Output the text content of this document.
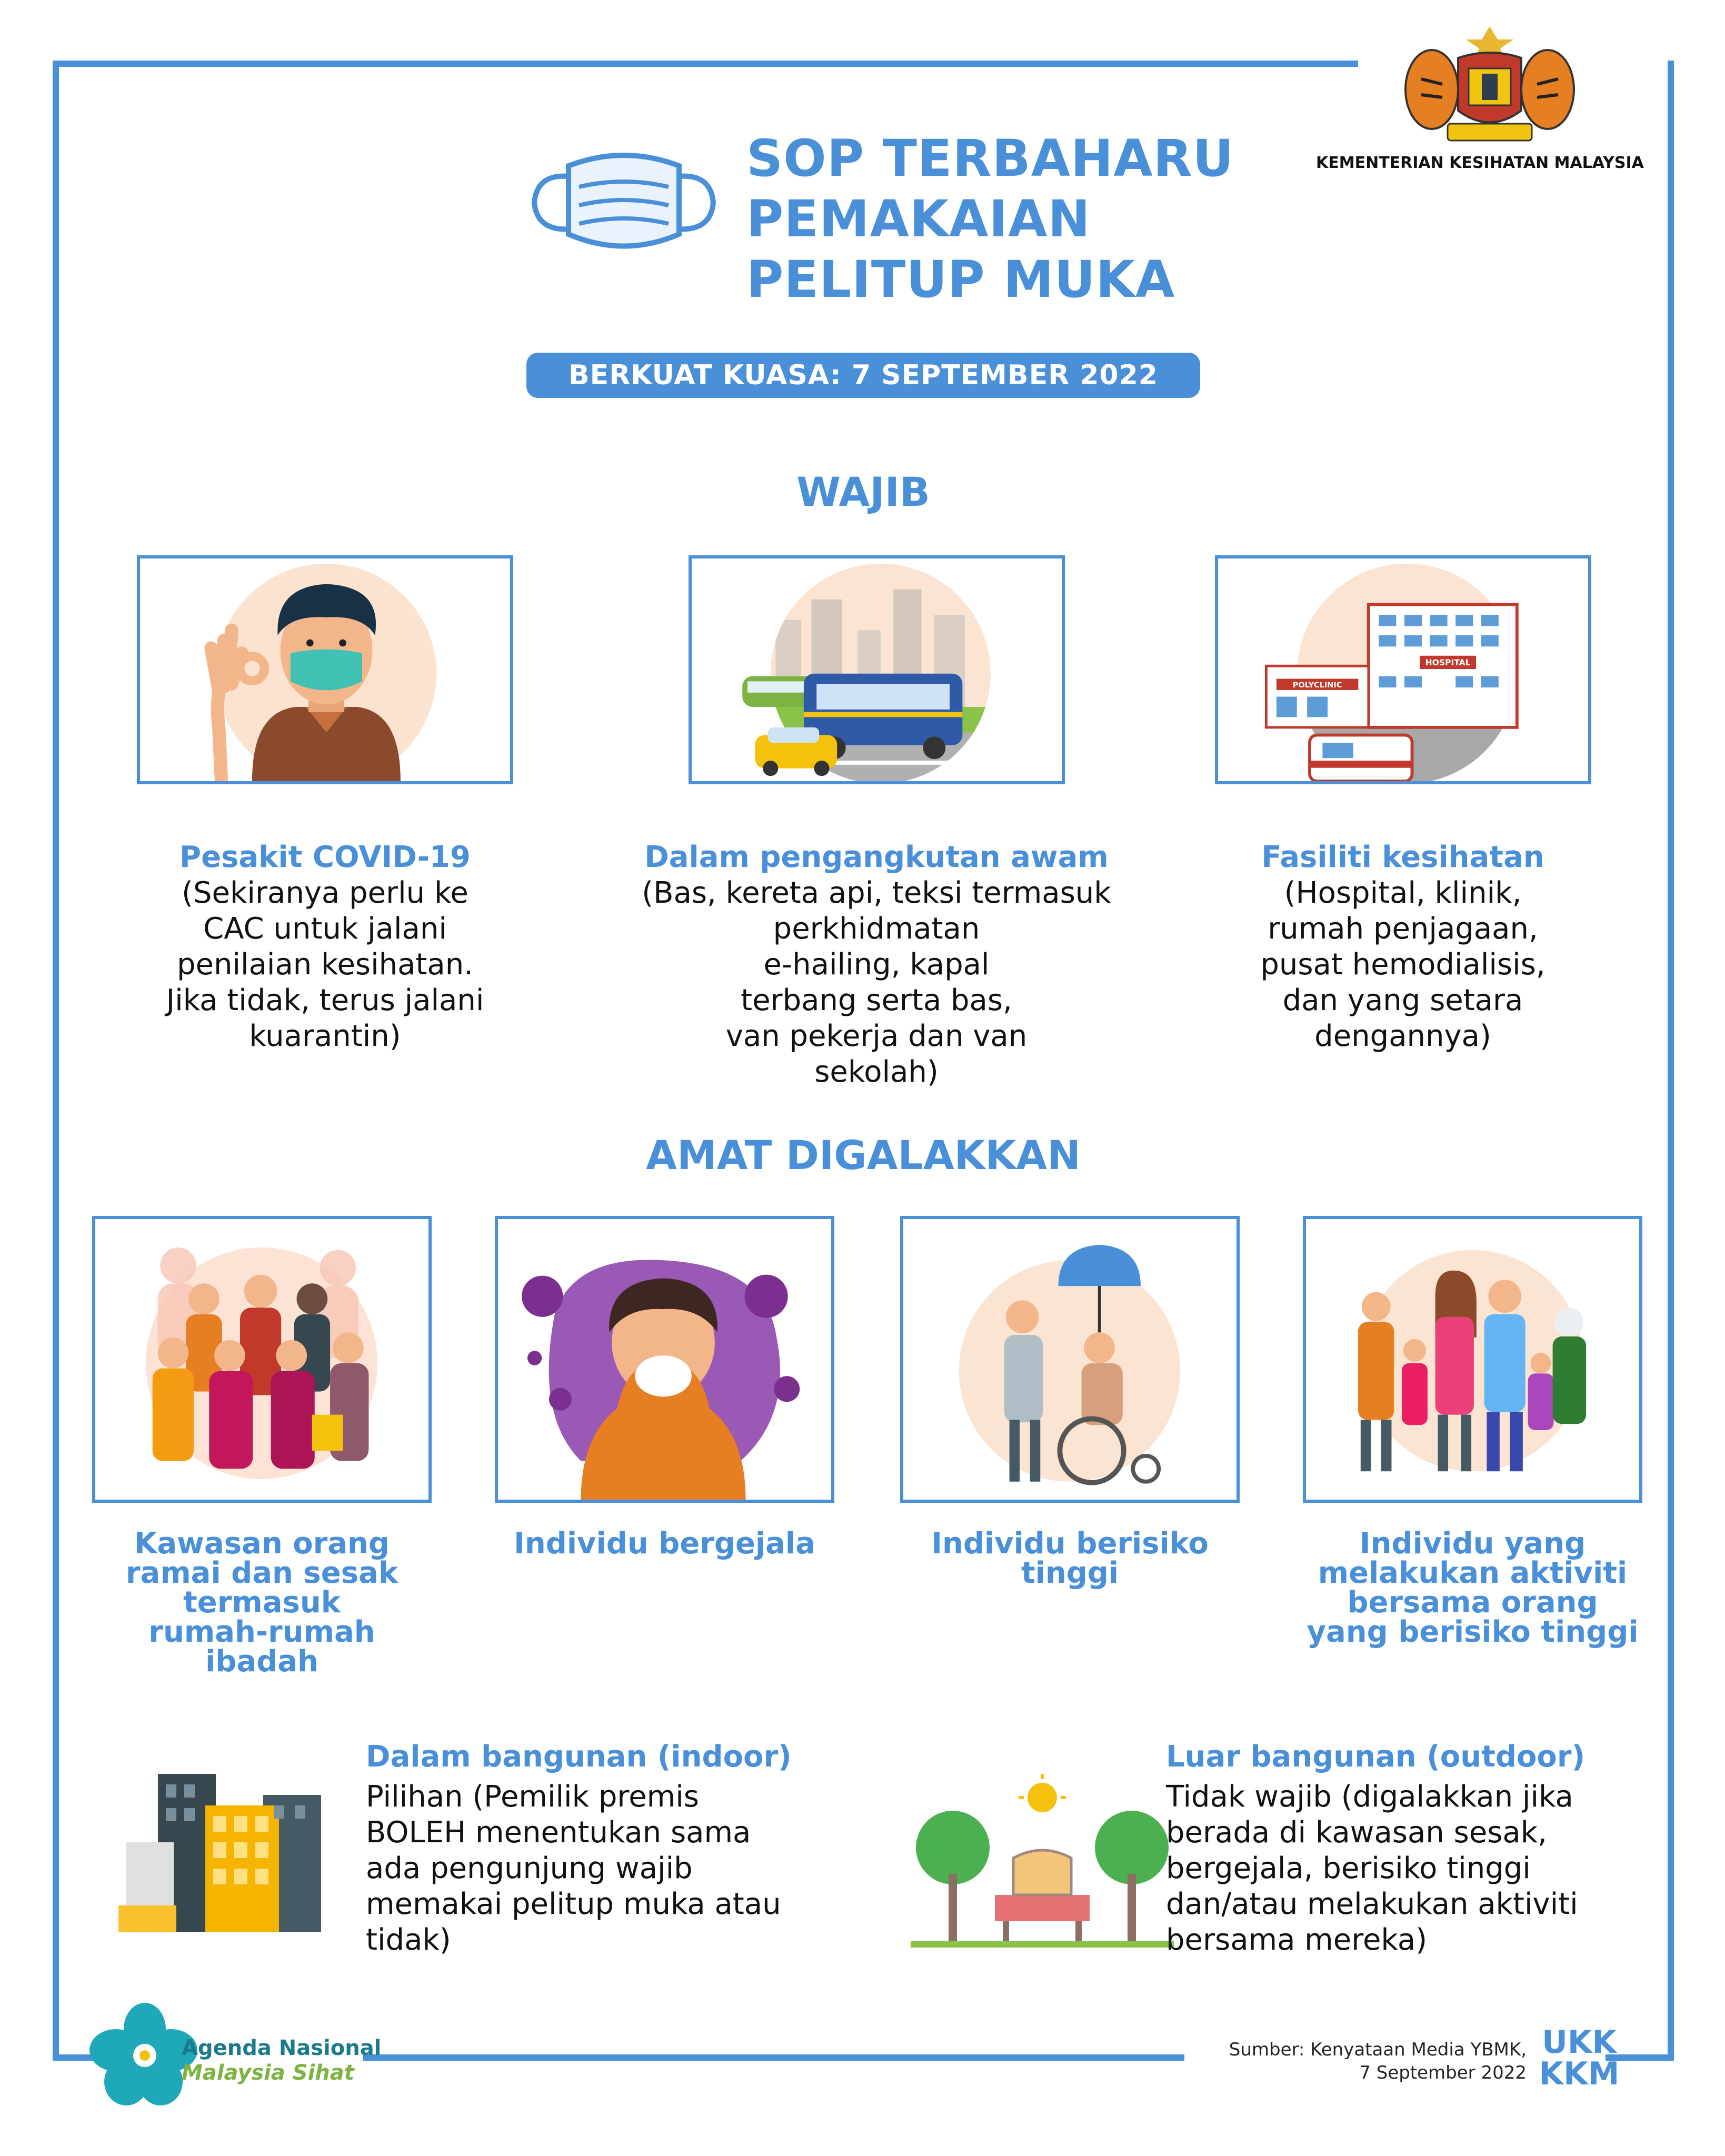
KEMENTERIAN KESIHATAN MALAYSIA
SOP TERBAHARU
PEMAKAIAN
PELITUP MUKA
BERKUAT KUASA: 7 SEPTEMBER 2022
WAJIB
HOSPITAL
POLYCLINIC
Pesakit COVID-19
(Sekiranya perlu ke
CAC untuk jalani
penilaian kesihatan.
Jika tidak, terus jalani
kuarantin)
Dalam pengangkutan awam
(Bas, kereta api, teksi termasuk
perkhidmatan
e-hailing, kapal
terbang serta bas,
van pekerja dan van
sekolah)
Fasiliti kesihatan
(Hospital, klinik,
rumah penjagaan,
pusat hemodialisis,
dan yang setara
dengannya)
AMAT DIGALAKKAN
Kawasan orang
ramai dan sesak
termasuk
rumah-rumah
ibadah
Individu bergejala	Individu berisiko
tinggi
Individu yang
melakukan aktiviti
bersama orang
yang berisiko tinggi
Dalam bangunan (indoor)
Pilihan (Pemilik premis
BOLEH menentukan sama
ada pengunjung wajib
memakai pelitup muka atau
tidak)
Luar bangunan (outdoor)
Tidak wajib (digalakkan jika
berada di kawasan sesak,
bergejala, berisiko tinggi
dan/atau melakukan aktiviti
bersama mereka)
Agenda Nasional
Malaysia Sihat
Sumber: Kenyataan Media YBMK,
7 September 2022
UKK
KKM
